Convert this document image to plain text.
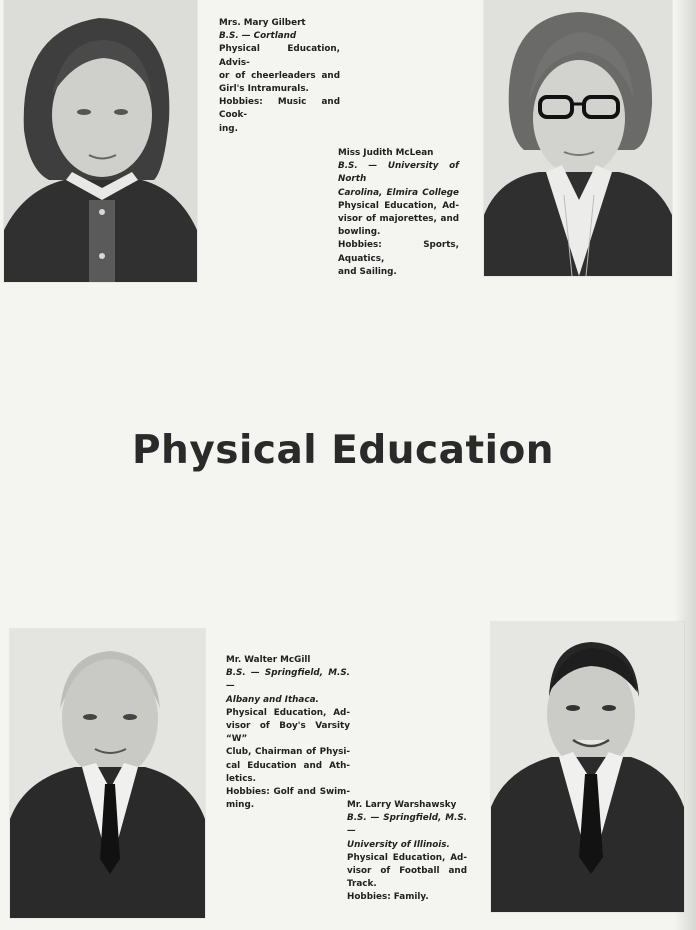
Mrs. Mary Gilbert
B.S. — Cortland
Physical Education, Advis-
or of cheerleaders and
Girl's Intramurals.
Hobbies: Music and Cook-
ing.
Miss Judith McLean
B.S. — University of North
Carolina, Elmira College
Physical Education, Ad-
visor of majorettes, and
bowling.
Hobbies: Sports, Aquatics,
and Sailing.
Physical Education
Mr. Walter McGill
B.S. — Springfield, M.S. —
Albany and Ithaca.
Physical Education, Ad-
visor of Boy's Varsity “W”
Club, Chairman of Physi-
cal Education and Ath-
letics.
Hobbies: Golf and Swim-
ming.	Mr. Larry Warshawsky
B.S. — Springfield, M.S. —
University of Illinois.
Physical Education, Ad-
visor of Football and
Track.
Hobbies: Family.
